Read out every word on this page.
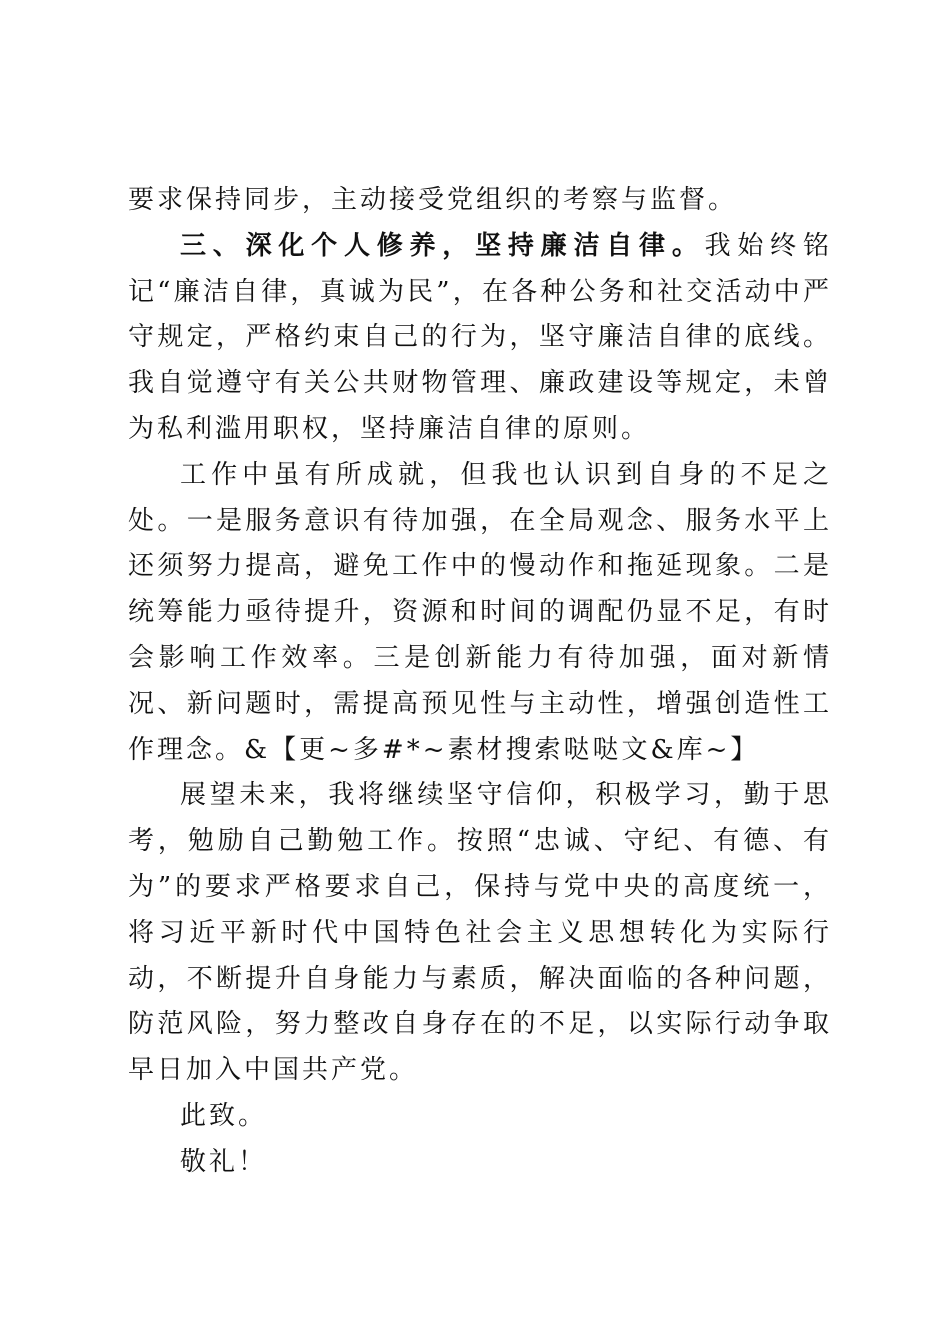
要求保持同步，主动接受党组织的考察与监督。

三、深化个人修养，坚持廉洁自律。我始终铭记“廉洁自律，真诚为民”，在各种公务和社交活动中严守规定，严格约束自己的行为，坚守廉洁自律的底线。我自觉遵守有关公共财物管理、廉政建设等规定，未曾为私利滥用职权，坚持廉洁自律的原则。

工作中虽有所成就，但我也认识到自身的不足之处。一是服务意识有待加强，在全局观念、服务水平上还须努力提高，避免工作中的慢动作和拖延现象。二是统筹能力亟待提升，资源和时间的调配仍显不足，有时会影响工作效率。三是创新能力有待加强，面对新情况、新问题时，需提高预见性与主动性，增强创造性工作理念。&【更~多#*~素材搜索哒哒文&库~】

展望未来，我将继续坚守信仰，积极学习，勤于思考，勉励自己勤勉工作。按照“忠诚、守纪、有德、有为”的要求严格要求自己，保持与党中央的高度统一，将习近平新时代中国特色社会主义思想转化为实际行动，不断提升自身能力与素质，解决面临的各种问题，防范风险，努力整改自身存在的不足，以实际行动争取早日加入中国共产党。

此致。

敬礼！
